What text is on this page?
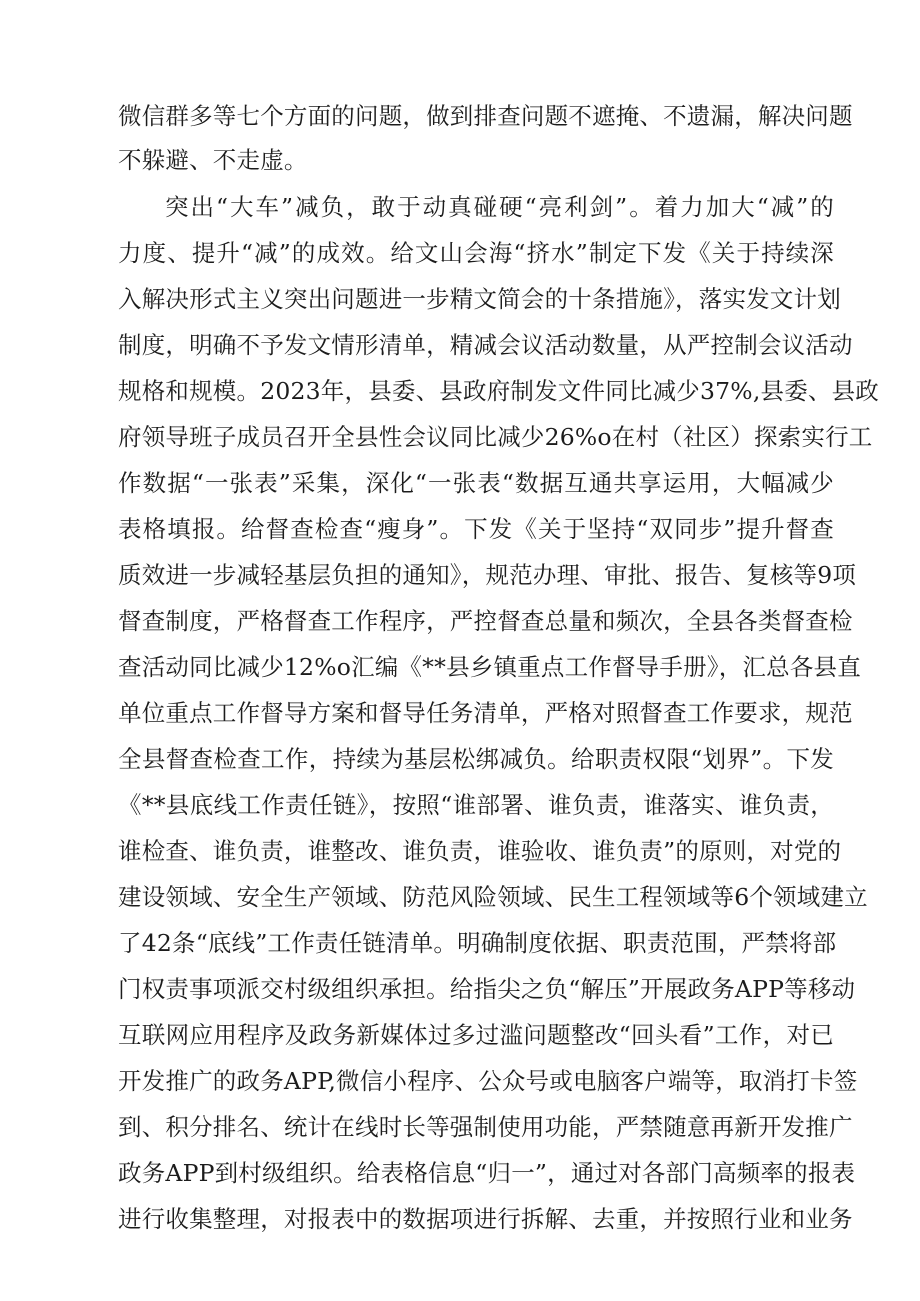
微信群多等七个方面的问题，做到排查问题不遮掩、不遗漏，解决问题
不躲避、不走虚。
突出“大车”减负，敢于动真碰硬“亮利剑”。着力加大“减”的
力度、提升“减”的成效。给文山会海“挤水”制定下发《关于持续深
入解决形式主义突出问题进一步精文简会的十条措施》，落实发文计划
制度，明确不予发文情形清单，精减会议活动数量，从严控制会议活动
规格和规模。2023年，县委、县政府制发文件同比减少37%,县委、县政
府领导班子成员召开全县性会议同比减少26%o在村（社区）探索实行工
作数据“一张表”采集，深化“一张表“数据互通共享运用，大幅减少
表格填报。给督查检查“瘦身”。下发《关于坚持“双同步”提升督查
质效进一步减轻基层负担的通知》，规范办理、审批、报告、复核等9项
督查制度，严格督查工作程序，严控督查总量和频次，全县各类督查检
查活动同比减少12%o汇编《**县乡镇重点工作督导手册》，汇总各县直
单位重点工作督导方案和督导任务清单，严格对照督查工作要求，规范
全县督查检查工作，持续为基层松绑减负。给职责权限“划界”。下发
《**县底线工作责任链》，按照“谁部署、谁负责，谁落实、谁负责，
谁检查、谁负责，谁整改、谁负责，谁验收、谁负责”的原则，对党的
建设领域、安全生产领域、防范风险领域、民生工程领域等6个领域建立
了42条“底线”工作责任链清单。明确制度依据、职责范围，严禁将部
门权责事项派交村级组织承担。给指尖之负“解压”开展政务APP等移动
互联网应用程序及政务新媒体过多过滥问题整改“回头看”工作，对已
开发推广的政务APP,微信小程序、公众号或电脑客户端等，取消打卡签
到、积分排名、统计在线时长等强制使用功能，严禁随意再新开发推广
政务APP到村级组织。给表格信息“归一”，通过对各部门高频率的报表
进行收集整理，对报表中的数据项进行拆解、去重，并按照行业和业务
